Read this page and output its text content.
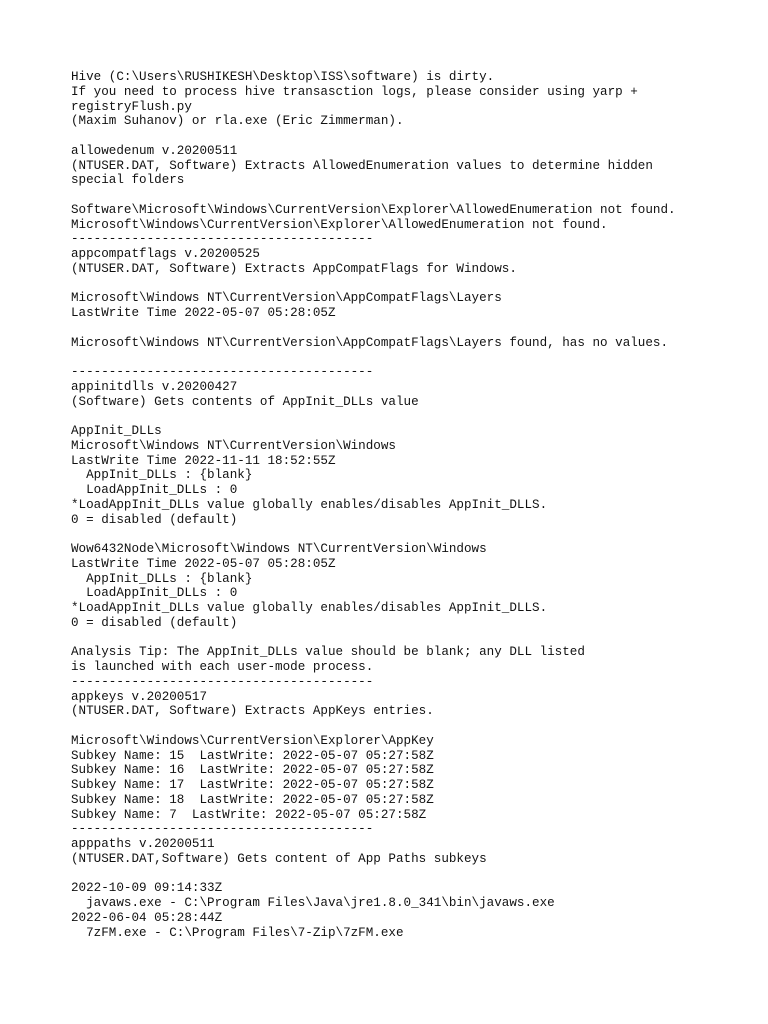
Hive (C:\Users\RUSHIKESH\Desktop\ISS\software) is dirty.
If you need to process hive transasction logs, please consider using yarp +
registryFlush.py
(Maxim Suhanov) or rla.exe (Eric Zimmerman).
allowedenum v.20200511
(NTUSER.DAT, Software) Extracts AllowedEnumeration values to determine hidden
special folders
Software\Microsoft\Windows\CurrentVersion\Explorer\AllowedEnumeration not found.
Microsoft\Windows\CurrentVersion\Explorer\AllowedEnumeration not found.
----------------------------------------
appcompatflags v.20200525
(NTUSER.DAT, Software) Extracts AppCompatFlags for Windows.
Microsoft\Windows NT\CurrentVersion\AppCompatFlags\Layers
LastWrite Time 2022-05-07 05:28:05Z
Microsoft\Windows NT\CurrentVersion\AppCompatFlags\Layers found, has no values.
----------------------------------------
appinitdlls v.20200427
(Software) Gets contents of AppInit_DLLs value
AppInit_DLLs
Microsoft\Windows NT\CurrentVersion\Windows
LastWrite Time 2022-11-11 18:52:55Z
AppInit_DLLs : {blank}
LoadAppInit_DLLs : 0
*LoadAppInit_DLLs value globally enables/disables AppInit_DLLS.
0 = disabled (default)
Wow6432Node\Microsoft\Windows NT\CurrentVersion\Windows
LastWrite Time 2022-05-07 05:28:05Z
AppInit_DLLs : {blank}
LoadAppInit_DLLs : 0
*LoadAppInit_DLLs value globally enables/disables AppInit_DLLS.
0 = disabled (default)
Analysis Tip: The AppInit_DLLs value should be blank; any DLL listed
is launched with each user-mode process.
----------------------------------------
appkeys v.20200517
(NTUSER.DAT, Software) Extracts AppKeys entries.
Microsoft\Windows\CurrentVersion\Explorer\AppKey
Subkey Name: 15  LastWrite: 2022-05-07 05:27:58Z
Subkey Name: 16  LastWrite: 2022-05-07 05:27:58Z
Subkey Name: 17  LastWrite: 2022-05-07 05:27:58Z
Subkey Name: 18  LastWrite: 2022-05-07 05:27:58Z
Subkey Name: 7  LastWrite: 2022-05-07 05:27:58Z
----------------------------------------
apppaths v.20200511
(NTUSER.DAT,Software) Gets content of App Paths subkeys
2022-10-09 09:14:33Z
javaws.exe - C:\Program Files\Java\jre1.8.0_341\bin\javaws.exe
2022-06-04 05:28:44Z
7zFM.exe - C:\Program Files\7-Zip\7zFM.exe
